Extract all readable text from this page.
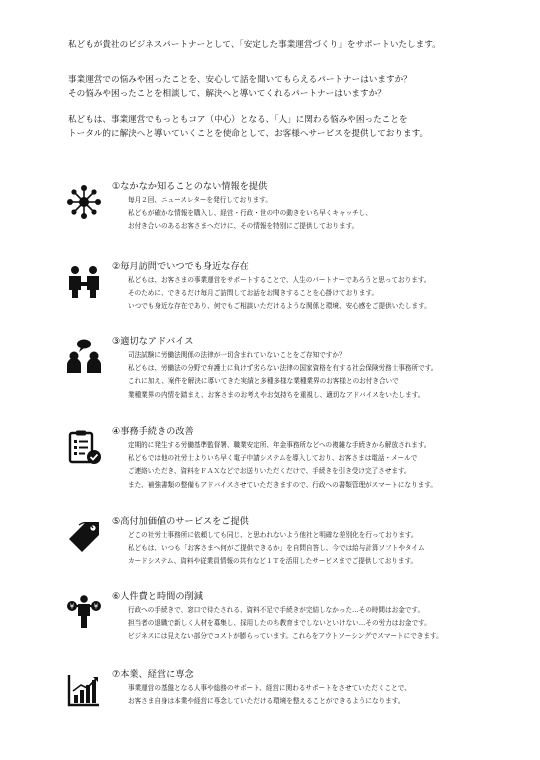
私どもが貴社のビジネスパートナーとして、「安定した事業運営づくり」をサポートいたします。

事業運営での悩みや困ったことを、安心して話を聞いてもらえるパートナーはいますか？

その悩みや困ったことを相談して、解決へと導いてくれるパートナーはいますか？

私どもは、事業運営でもっともコア（中心）となる、「人」に関わる悩みや困ったことを

トータル的に解決へと導いていくことを使命として、お客様へサービスを提供しております。

①なかなか知ることのない情報を提供

毎月２回、ニュースレターを発行しております。

私どもが確かな情報を購入し、経営・行政・世の中の動きをいち早くキャッチし、

お付き合いのあるお客さまへだけに、その情報を特別にご提供しております。

②毎月訪問でいつでも身近な存在

私どもは、お客さまの事業運営をサポートすることで、人生のパートナーであろうと思っております。

そのために、できるだけ毎月ご訪問してお話をお聞きすることを心掛けております。

いつでも身近な存在であり、何でもご相談いただけるような関係と環境、安心感をご提供いたします。

③適切なアドバイス

司法試験に労働法関係の法律が一切含まれていないことをご存知ですか？

私どもは、労働法の分野で弁護士に負けず劣らない法律の国家資格を有する社会保険労務士事務所です。

これに加え、案件を解決に導いてきた実績と多種多様な業種業界のお客様とのお付き合いで

業種業界の内情を踏まえ、お客さまのお考えやお気持ちを重視し、適切なアドバイスをいたします。

④事務手続きの改善

定期的に発生する労働基準監督署、職業安定所、年金事務所などへの複雑な手続きから解放されます。

私どもでは他の社労士よりいち早く電子申請システムを導入しており、お客さまは電話・メールで

ご連絡いただき、資料をＦＡＸなどでお送りいただくだけで、手続きを引き受け完了させます。

また、補強書類の整備もアドバイスさせていただきますので、行政への書類管理がスマートになります。

⑤高付加価値のサービスをご提供

どこの社労士事務所に依頼しても同じ、と思われないよう他社と明確な差別化を行っております。

私どもは、いつも「お客さまへ何がご提供できるか」を自問自答し、今では給与計算ソフトやタイム

カードシステム、資料や従業員情報の共有など１Ｔを活用したサービスまでご提供しております。

¥	¥
⑥人件費と時間の削減

行政への手続きで、窓口で待たされる、資料不足で手続きが完結しなかった…その時間はお金です。

担当者の退職で新しく人材を募集し、採用したのち教育までしないといけない…その労力はお金です。

ビジネスには見えない部分でコストが膨らっています。これらをアウトソーシングでスマートにできます。

⑦本業、経営に専念

事業運営の基盤となる人事や総務のサポート、経営に関わるサポートをさせていただくことで、

お客さま自身は本業や経営に専念していただける環境を整えることができるようになります。
